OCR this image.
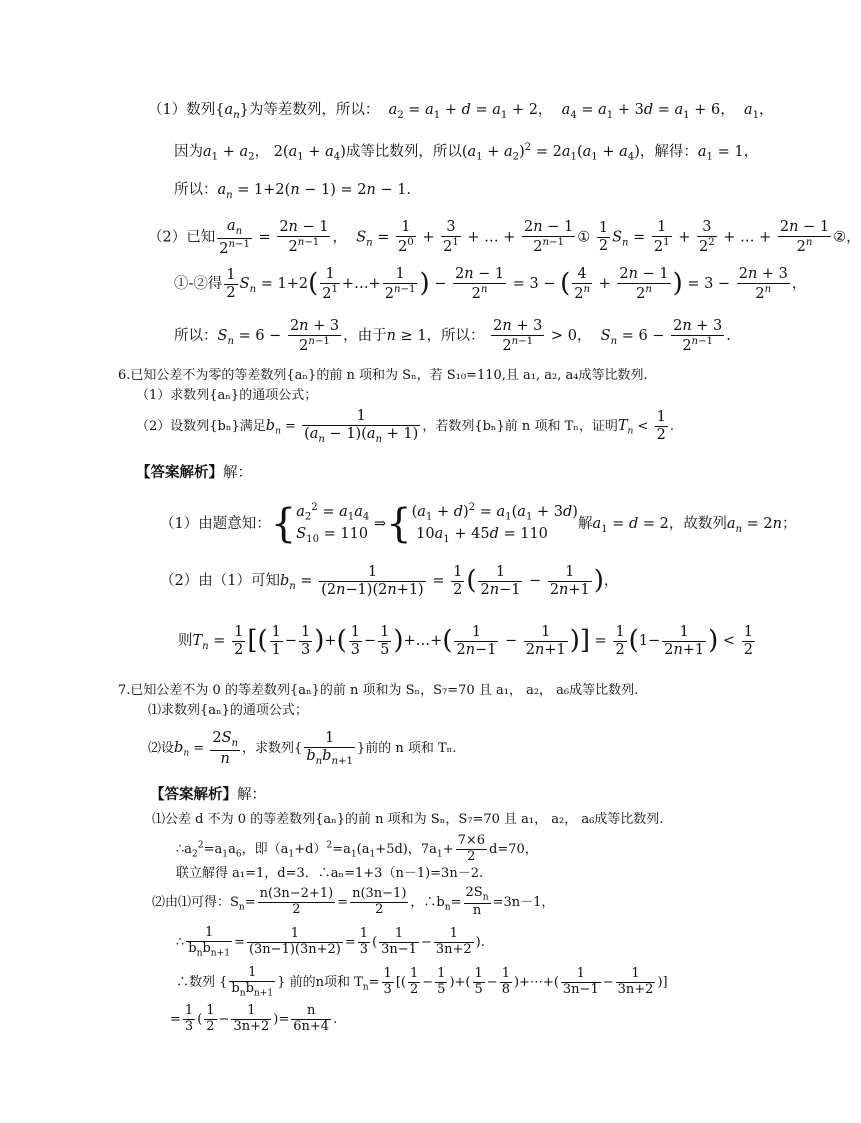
（1）数列$\{a_n\}$为等差数列，所以：  $a_2 = a_1 + d = a_1 + 2$，  $a_4 = a_1 + 3d = a_1 + 6$，  $a_1$，
因为$a_1 + a_2$， $2(a_1 + a_4)$成等比数列，所以$(a_1 + a_2)^2 = 2a_1(a_1 + a_4)$，解得：$a_1 = 1$，
所以：$a_n = 1+2(n - 1) = 2n - 1$.
（2）已知 $\frac{a_n}{2^{n-1}} = \frac{2n - 1}{2^{n-1}}$ ，  $S_n = \frac{1}{2^0} + \frac{3}{2^1}$ + … + $\frac{2n - 1}{2^{n-1}}$ ① $\frac{1}{2} S_n = \frac{1}{2^1} + \frac{3}{2^2}$ + … + $\frac{2n - 1}{2^n}$ ②，
①-②得 $\frac{1}{2} S_n = 1+2( \frac{1}{2^1}$ +…+ $\frac{1}{2^{n-1}}$ ) − $\frac{2n - 1}{2^n} = 3$ − ( $\frac{4}{2^n} + \frac{2n - 1}{2^n}$ ) = $3 - \frac{2n + 3}{2^n}$ ，
所以：$S_n = 6 - \frac{2n + 3}{2^{n-1}}$ ，由于n ≥ 1，所以： $\frac{2n + 3}{2^{n-1}} > 0$，  $S_n = 6 - \frac{2n + 3}{2^{n-1}}$ .
6.已知公差不为零的等差数列{aₙ}的前 n 项和为 Sₙ，若 S₁₀=110,且 a₁, a₂, a₄成等比数列.
（1）求数列{aₙ}的通项公式；
（2）设数列{bₙ}满足$b_n = \frac{1}{(a_n - 1)(a_n + 1)}$ ，若数列{bₙ}前 n 项和 Tₙ，证明$T_n < \frac{1}{2}$ .
【答案解析】解：
（1）由题意知：{ $a_2^2 = a_1a_4$
$S_{10} = 110$
⇒{ $(a_1 + d)^2 = a_1(a_1 + 3d)$
$10a_1 + 45d = 110$
解$a_1 = d = 2$，故数列$a_n = 2n$；
（2）由（1）可知$b_n = \frac{1}{(2n-1)(2n+1)} = \frac{1}{2}$ ( $\frac{1}{2n-1} - \frac{1}{2n+1}$ )，
则$T_n = \frac{1}{2}$ [( $\frac{1}{1} - \frac{1}{3}$ )+( $\frac{1}{3} - \frac{1}{5}$ )+…+( $\frac{1}{2n-1} - \frac{1}{2n+1}$ )] = $\frac{1}{2} (1- \frac{1}{2n+1}$ ) < $\frac{1}{2}$
7.已知公差不为 0 的等差数列{aₙ}的前 n 项和为 Sₙ，S₇=70 且 a₁， a₂， a₆成等比数列.
⑴求数列{aₙ}的通项公式；
⑵设$b_n = \frac{2S_n}{n}$ ，求数列{ $\frac{1}{b_nb_{n+1}}$ }前的 n 项和 Tₙ.
【答案解析】解：
⑴公差 d 不为 0 的等差数列{aₙ}的前 n 项和为 Sₙ，S₇=70 且 a₁， a₂， a₆成等比数列.
$\therefore a_2^2=a_1a_6$，即$(a_1+d)^2=a_1(a_1+5d)$，$7a_1+ \frac{7\times 6}{2} d=70$，
联立解得 a₁=1，d=3．∴aₙ=1+3（n－1)=3n－2.
⑵由⑴可得：$S_n= \frac{n(3n-2+1)}{2} = \frac{n(3n-1)}{2}$ ，$\therefore b_n= \frac{2S_n}{n} =3n-1$，
∴ $\frac{1}{b_nb_{n+1}} = \frac{1}{(3n-1)(3n+2)} = \frac{1}{3}$ ( $\frac{1}{3n-1} - \frac{1}{3n+2}$ ).
∴数列 { $\frac{1}{b_nb_{n+1}}$ } 前的n项和 $T_n= \frac{1}{3}$ [( $\frac{1}{2} - \frac{1}{5}$ )+( $\frac{1}{5} - \frac{1}{8}$ )+⋯+( $\frac{1}{3n-1} - \frac{1}{3n+2}$ )]
= $\frac{1}{3}$ ( $\frac{1}{2} - \frac{1}{3n+2}$ )= $\frac{n}{6n+4}$ .
